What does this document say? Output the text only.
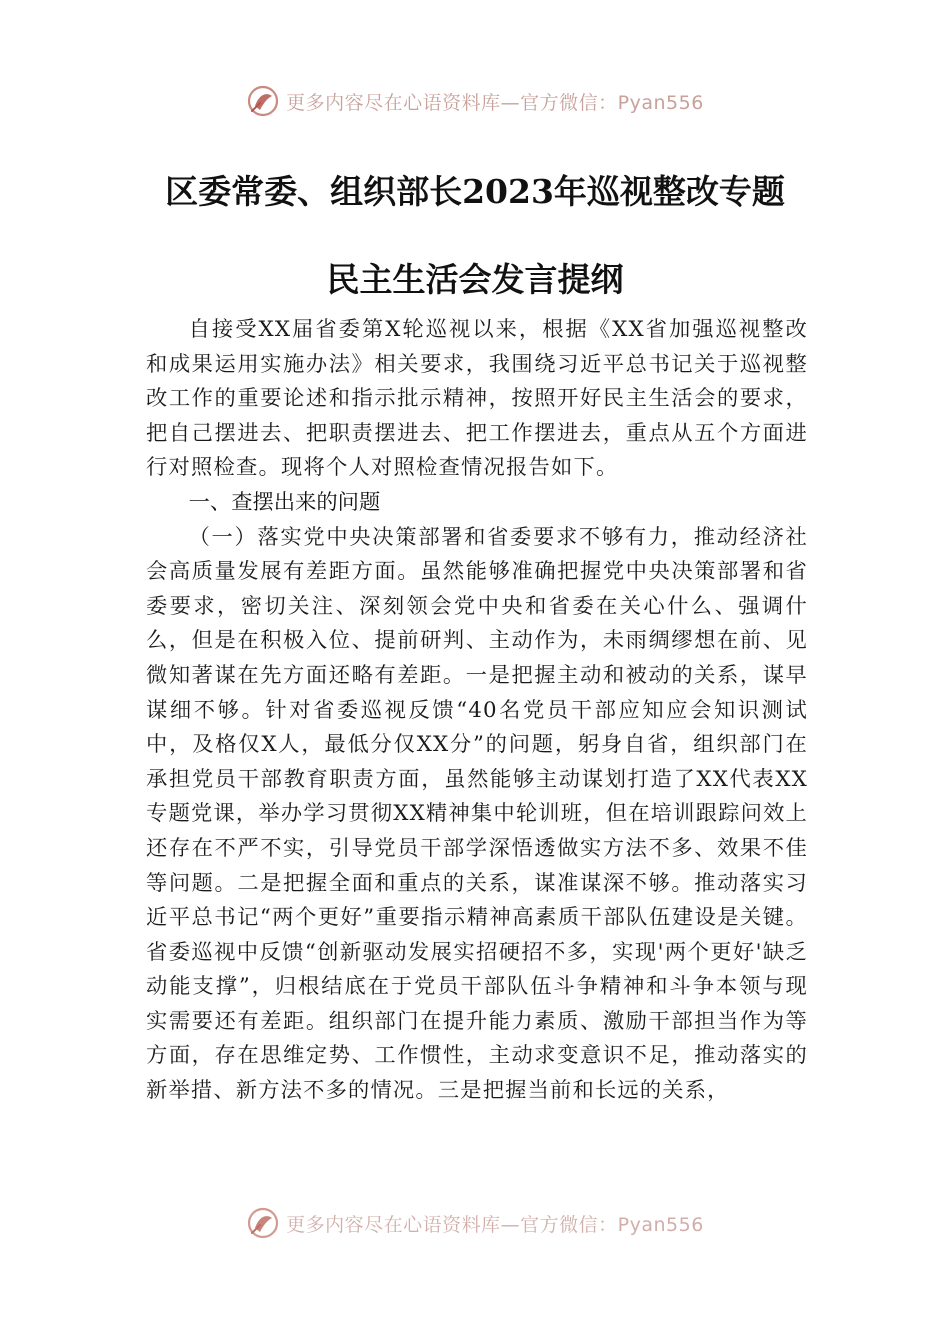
更多内容尽在心语资料库—官方微信：Pyan556
区委常委、组织部长2023年巡视整改专题
民主生活会发言提纲

自接受XX届省委第X轮巡视以来，根据《XX省加强巡视整改和成果运用实施办法》相关要求，我围绕习近平总书记关于巡视整改工作的重要论述和指示批示精神，按照开好民主生活会的要求，把自己摆进去、把职责摆进去、把工作摆进去，重点从五个方面进行对照检查。现将个人对照检查情况报告如下。

一、查摆出来的问题

（一）落实党中央决策部署和省委要求不够有力，推动经济社会高质量发展有差距方面。虽然能够准确把握党中央决策部署和省委要求，密切关注、深刻领会党中央和省委在关心什么、强调什么，但是在积极入位、提前研判、主动作为，未雨绸缪想在前、见微知著谋在先方面还略有差距。一是把握主动和被动的关系，谋早谋细不够。针对省委巡视反馈“40名党员干部应知应会知识测试中，及格仅X人，最低分仅XX分”的问题，躬身自省，组织部门在承担党员干部教育职责方面，虽然能够主动谋划打造了XX代表XX专题党课，举办学习贯彻XX精神集中轮训班，但在培训跟踪问效上还存在不严不实，引导党员干部学深悟透做实方法不多、效果不佳等问题。二是把握全面和重点的关系，谋准谋深不够。推动落实习近平总书记“两个更好”重要指示精神高素质干部队伍建设是关键。省委巡视中反馈“创新驱动发展实招硬招不多，实现'两个更好'缺乏动能支撑”，归根结底在于党员干部队伍斗争精神和斗争本领与现实需要还有差距。组织部门在提升能力素质、激励干部担当作为等方面，存在思维定势、工作惯性，主动求变意识不足，推动落实的新举措、新方法不多的情况。三是把握当前和长远的关系，

更多内容尽在心语资料库—官方微信：Pyan556
